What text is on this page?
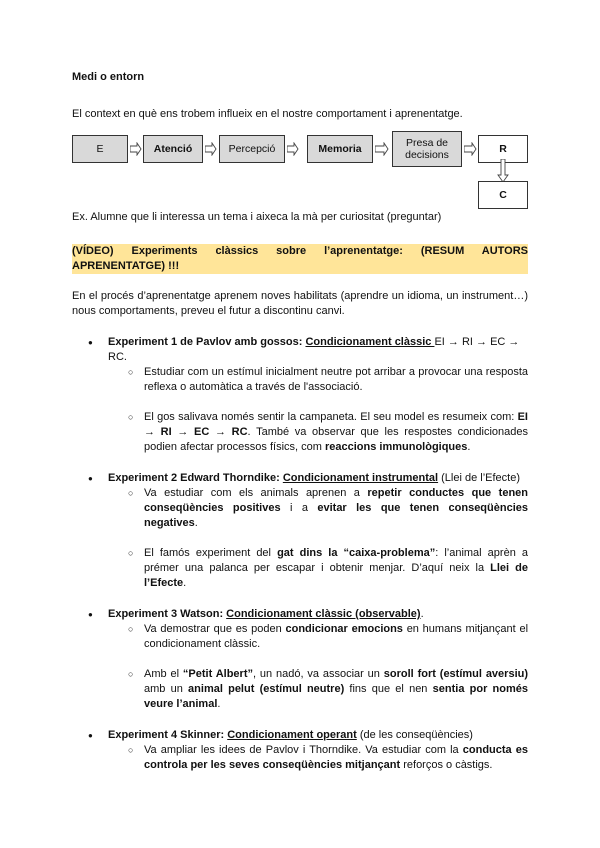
Medi o entorn

El context en què ens trobem influeix en el nostre comportament i aprenentatge.

E	Atenció	Percepció	Memoria	Presa de decisions	R
C

Ex. Alumne que li interessa un tema i aixeca la mà per curiositat (preguntar)

(VÍDEO) Experiments clàssics sobre l’aprenentatge: (RESUM AUTORS APRENENTATGE) !!!

En el procés d’aprenentatge aprenem noves habilitats (aprendre un idioma, un instrument…) nous comportaments, preveu el futur a discontinu canvi.

● Experiment 1 de Pavlov amb gossos: Condicionament clàssic EI → RI → EC → RC.
○ Estudiar com un estímul inicialment neutre pot arribar a provocar una resposta reflexa o automàtica a través de l'associació.
○ El gos salivava només sentir la campaneta. El seu model es resumeix com: EI → RI → EC → RC. També va observar que les respostes condicionades podien afectar processos físics, com reaccions immunològiques.
● Experiment 2 Edward Thorndike: Condicionament instrumental (Llei de l’Efecte)
○ Va estudiar com els animals aprenen a repetir conductes que tenen conseqüències positives i a evitar les que tenen conseqüències negatives.
○ El famós experiment del gat dins la “caixa-problema”: l’animal aprèn a prémer una palanca per escapar i obtenir menjar. D’aquí neix la Llei de l’Efecte.
● Experiment 3 Watson: Condicionament clàssic (observable).
○ Va demostrar que es poden condicionar emocions en humans mitjançant el condicionament clàssic.
○ Amb el “Petit Albert”, un nadó, va associar un soroll fort (estímul aversiu) amb un animal pelut (estímul neutre) fins que el nen sentia por només veure l’animal.
● Experiment 4 Skinner: Condicionament operant (de les conseqüències)
○ Va ampliar les idees de Pavlov i Thorndike. Va estudiar com la conducta es controla per les seves conseqüències mitjançant reforços o càstigs.
